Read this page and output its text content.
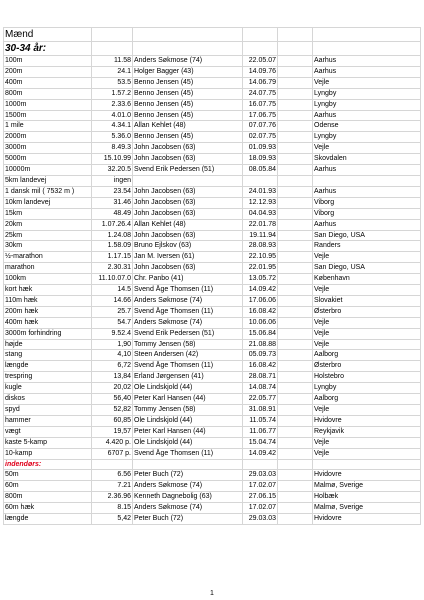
Mænd					
30-34 år:					
100m	11.58	Anders Søkmose (74)	22.05.07		Aarhus
200m	24.1	Holger Bagger (43)	14.09.76		Aarhus
400m	53.5	Benno Jensen (45)	14.06.79		Vejle
800m	1.57.2	Benno Jensen (45)	24.07.75		Lyngby
1000m	2.33.6	Benno Jensen (45)	16.07.75		Lyngby
1500m	4.01.0	Benno Jensen (45)	17.06.75		Aarhus
1 mile	4.34.1	Allan Kehlet (48)	07.07.76		Odense
2000m	5.36.0	Benno Jensen (45)	02.07.75		Lyngby
3000m	8.49.3	John Jacobsen (63)	01.09.93		Vejle
5000m	15.10.99	John Jacobsen (63)	18.09.93		Skovdalen
10000m	32.20.5	Svend Erik Pedersen (51)	08.05.84		Aarhus
5km landevej	ingen				
1 dansk mil ( 7532 m )	23.54	John Jacobsen (63)	24.01.93		Aarhus
10km landevej	31.46	John Jacobsen (63)	12.12.93		Viborg
15km	48.49	John Jacobsen (63)	04.04.93		Viborg
20km	1.07.26.4	Allan Kehlet (48)	22.01.78		Aarhus
25km	1.24.08	John Jacobsen (63)	19.11.94		San Diego, USA
30km	1.58.09	Bruno Ejlskov (63)	28.08.93		Randers
½-marathon	1.17.15	Jan M. Iversen (61)	22.10.95		Vejle
marathon	2.30.31	John Jacobsen (63)	22.01.95		San Diego, USA
100km	11.10.07.0	Chr. Panbo (41)	13.05.72		København
kort hæk	14.5	Svend Åge Thomsen (11)	14.09.42		Vejle
110m hæk	14.66	Anders Søkmose (74)	17.06.06		Slovakiet
200m hæk	25.7	Svend Åge Thomsen (11)	16.08.42		Østerbro
400m hæk	54.7	Anders Søkmose (74)	10.06.06		Vejle
3000m forhindring	9.52.4	Svend Erik Pedersen (51)	15.06.84		Vejle
højde	1,90	Tommy Jensen (58)	21.08.88		Vejle
stang	4,10	Steen Andersen (42)	05.09.73		Aalborg
længde	6,72	Svend Åge Thomsen (11)	16.08.42		Østerbro
trespring	13,84	Erland Jørgensen (41)	28.08.71		Holstebro
kugle	20,02	Ole Lindskjold (44)	14.08.74		Lyngby
diskos	56,40	Peter Karl Hansen (44)	22.05.77		Aalborg
spyd	52,82	Tommy Jensen (58)	31.08.91		Vejle
hammer	60,85	Ole Lindskjold (44)	11.05.74		Hvidovre
vægt	19,57	Peter Karl Hansen (44)	11.06.77		Reykjavik
kaste 5-kamp	4.420 p.	Ole Lindskjold (44)	15.04.74		Vejle
10-kamp	6707 p.	Svend Åge Thomsen (11)	14.09.42		Vejle
indendørs:					
50m	6.56	Peter Buch (72)	29.03.03		Hvidovre
60m	7.21	Anders Søkmose (74)	17.02.07		Malmø, Sverige
800m	2.36.96	Kenneth Dagnebolig (63)	27.06.15		Holbæk
60m hæk	8.15	Anders Søkmose (74)	17.02.07		Malmø, Sverige
længde	5,42	Peter Buch (72)	29.03.03		Hvidovre
1
